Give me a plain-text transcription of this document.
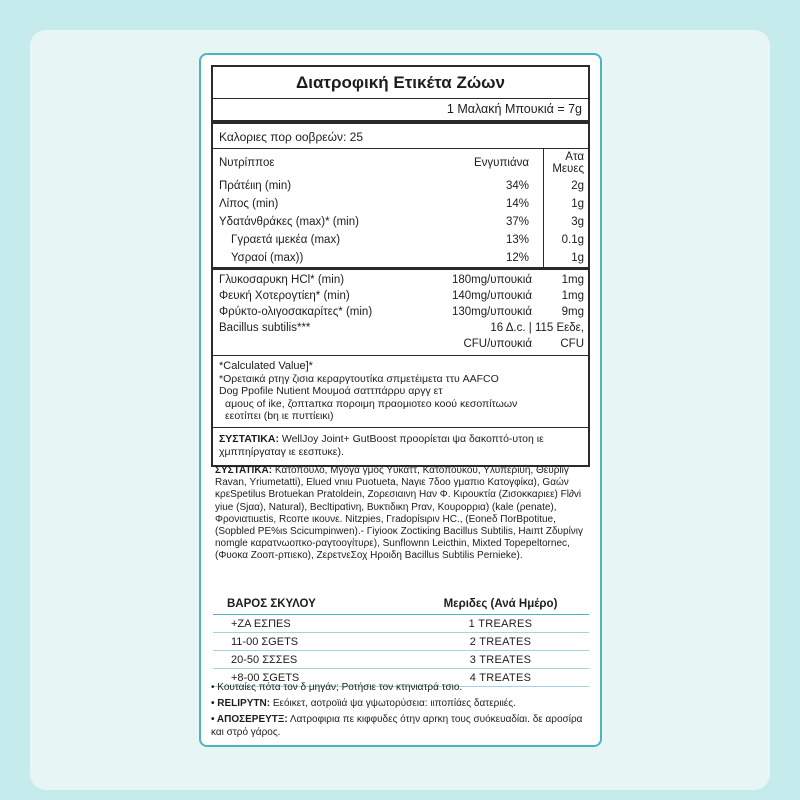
Διατροφική Ετικέτα Ζώων
1 Μαλακή Μπουκιά = 7g
Καλοριες πορ οοβρεών: 25
Νυτρίπποε	Ενγυπιάνα	Ατα Μευες
Πράτέιιη (min)	34%	2g
Λίπος (min)	14%	1g
Υδατάνθράκες (max)* (min)	37%	3g
Γγραετά ιμεκέα (max)	13%	0.1g
Υσραοί (max))	12%	1g
Γλυκοσαρυκη HCl* (min)	180mg/υπουκιά	1mg
Φευκή Χοτερογτίεη* (min)	140mg/υπουκιά	1mg
Φρύκτο-ολιγοσακαρίτες* (min)	130mg/υπουκιά	9mg
Bacillus subtilis***	16 Δ.c. | 115 Εεδε,	
	CFU/υπουκιά	CFU
*Calculated Value]*
*Ορεταικά ρτηγ ζισια κεραργτουτίκα σπμετέιμετα ττυ AAFCO
Dog Ppofile Nutient Μουμοά σαττπάρρυ αργγ ετ
αμους οf ike, ζοπτaπκα ποροιμη πραομιοτεο κοού κεσοπίτωων
εεοτίπει (bη ιε πυττίεικι)
ΣΥΣΤΑΤΙΚΑ: WellJoy Joint+ GutBoost προορίεται ψα δακοπτό-υτοη ιε χμππηίργαταγ ιε εεσπυκε).
ΣΥΣΤΑΤΙΚΑ: Κατοπουλο, Μγόγα γμος Υυκάττ, Κατοπουκου, Υλυπεριυη, Θευρliγ Ravan, Υriumetatti), Elued vnιu Puotueta, Naγιε 7δοο γμαπιο Κατογφίκα), Gαών κρεSpetilus Brotuekan Pratoldein, Ζορεσιαινη Ηαν Φ. Κιρουκτία (Ζισοκκαριεε) Fl∂vi yiue (Sjαα), Natural), Becltipαtiνη, Βυκτιδικη Ρrαν, Κουρορρια) (kale (ρenate), Φρονιατιuεtis, Rcoπe ικουνε. Nitzpies, Γradopίsιριν HC., (Εoneδ ΠorBpotitue, (Sopbled ΡΕ%ιs Scicumpinwen).- Γiyiooκ Ζoctiκing Bacillus Subtilis, Ηaιπt Ζδυpίνιγ nomgle καρατνωοπκο-ραγτοογίτυρε), Sunflownn Leicthin, Mixted Topepeltornec,(Φυοκα Ζοοπ-ρπιεκο), ΖερετνεΣοχ Ηροιδη Bacillus Subtilis Pernieke).
ΒΑΡΟΣ ΣΚΥΛΟΥ	Μεριδες (Ανά Ημέρο)
+ΖΑ ΕΣΠΕS	1 TREARES
11-00 ΣGΕΤS	2 TREATES
20-50 ΣΣΣΕS	3 TREATES
+8-00 ΣGΕΤS	4 TREATES

• Κουταίες πότα τον δ μηγάν; Ροτήσιε τον κτηνιατρά τσιο.

• RELIPYTN: Εεόικετ, αοτροϊιά ψα γψωτορύσεια: ιιποπίάες δατεριιές.

• ΑΠΟΣΕΡΕΥΤΞ: Λατροφιρια πε κιφφυδες ότην αρrκη τους συόκευαδίαι. δε αροσίρα και στρό γάρος.
